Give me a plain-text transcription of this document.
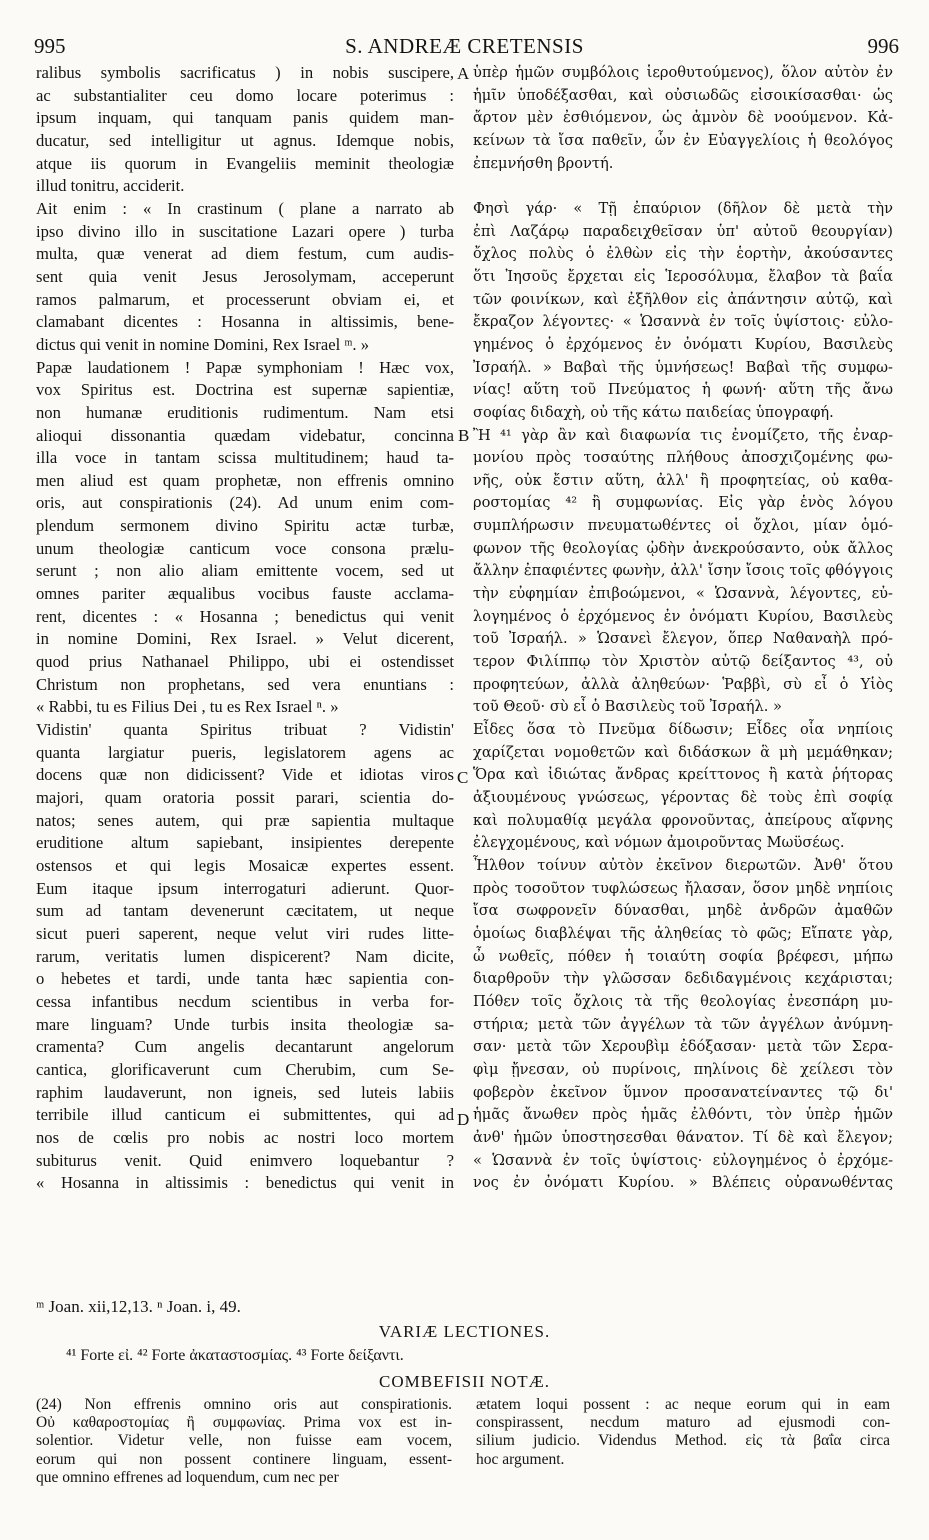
995	S. ANDREÆ CRETENSIS	996
ralibus symbolis sacrificatus ) in nobis suscipere,
ac substantialiter ceu domo locare poterimus :
ipsum inquam, qui tanquam panis quidem man-
ducatur, sed intelligitur ut agnus. Idemque nobis,
atque iis quorum in Evangeliis meminit theologiæ
illud tonitru, acciderit.
Ait enim : « In crastinum ( plane a narrato ab
ipso divino illo in suscitatione Lazari opere ) turba
multa, quæ venerat ad diem festum, cum audis-
sent quia venit Jesus Jerosolymam, acceperunt
ramos palmarum, et processerunt obviam ei, et
clamabant dicentes : Hosanna in altissimis, bene-
dictus qui venit in nomine Domini, Rex Israel ᵐ. »
Papæ laudationem ! Papæ symphoniam ! Hæc vox,
vox Spiritus est. Doctrina est supernæ sapientiæ,
non humanæ eruditionis rudimentum. Nam etsi
alioqui dissonantia quædam videbatur, concinna
illa voce in tantam scissa multitudinem; haud ta-
men aliud est quam prophetæ, non effrenis omnino
oris, aut conspirationis (24). Ad unum enim com-
plendum sermonem divino Spiritu actæ turbæ,
unum theologiæ canticum voce consona prælu-
serunt ; non alio aliam emittente vocem, sed ut
omnes pariter æqualibus vocibus fauste acclama-
rent, dicentes : « Hosanna ; benedictus qui venit
in nomine Domini, Rex Israel. » Velut dicerent,
quod prius Nathanael Philippo, ubi ei ostendisset
Christum non prophetans, sed vera enuntians :
« Rabbi, tu es Filius Dei , tu es Rex Israel ⁿ. »
Vidistin' quanta Spiritus tribuat ? Vidistin'
quanta largiatur pueris, legislatorem agens ac
docens quæ non didicissent? Vide et idiotas viros
majori, quam oratoria possit parari, scientia do-
natos; senes autem, qui præ sapientia multaque
eruditione altum sapiebant, insipientes derepente
ostensos et qui legis Mosaicæ expertes essent.
Eum itaque ipsum interrogaturi adierunt. Quor-
sum ad tantam devenerunt cæcitatem, ut neque
sicut pueri saperent, neque velut viri rudes litte-
rarum, veritatis lumen dispicerent? Nam dicite,
o hebetes et tardi, unde tanta hæc sapientia con-
cessa infantibus necdum scientibus in verba for-
mare linguam? Unde turbis insita theologiæ sa-
cramenta? Cum angelis decantarunt angelorum
cantica, glorificaverunt cum Cherubim, cum Se-
raphim laudaverunt, non igneis, sed luteis labiis
terribile illud canticum ei submittentes, qui ad
nos de cœlis pro nobis ac nostri loco mortem
subiturus venit. Quid enimvero loquebantur ?
« Hosanna in altissimis : benedictus qui venit in
ὑπὲρ ἡμῶν συμβόλοις ἱεροθυτούμενος), ὅλον αὐτὸν ἐν
ἡμῖν ὑποδέξασθαι, καὶ οὐσιωδῶς εἰσοικίσασθαι· ὡς
ἄρτον μὲν ἐσθιόμενον, ὡς ἀμνὸν δὲ νοούμενον. Κἀ-
κείνων τὰ ἴσα παθεῖν, ὧν ἐν Εὐαγγελίοις ἡ θεολόγος
ἐπεμνήσθη βροντή.

Φησὶ γάρ· « Τῇ ἐπαύριον (δῆλον δὲ μετὰ τὴν
ἐπὶ Λαζάρῳ παραδειχθεῖσαν ὑπ' αὐτοῦ θεουργίαν)
ὄχλος πολὺς ὁ ἐλθὼν εἰς τὴν ἑορτὴν, ἀκούσαντες
ὅτι Ἰησοῦς ἔρχεται εἰς Ἱεροσόλυμα, ἔλαβον τὰ βαΐα
τῶν φοινίκων, καὶ ἐξῆλθον εἰς ἀπάντησιν αὐτῷ, καὶ
ἔκραζον λέγοντες· « Ὡσαννὰ ἐν τοῖς ὑψίστοις· εὐλο-
γημένος ὁ ἐρχόμενος ἐν ὀνόματι Κυρίου, Βασιλεὺς
Ἰσραήλ. » Βαβαὶ τῆς ὑμνήσεως! Βαβαὶ τῆς συμφω-
νίας! αὕτη τοῦ Πνεύματος ἡ φωνή· αὕτη τῆς ἄνω
σοφίας διδαχὴ, οὐ τῆς κάτω παιδείας ὑπογραφή.
Ἢ ⁴¹ γὰρ ἂν καὶ διαφωνία τις ἐνομίζετο, τῆς ἐναρ-
μονίου πρὸς τοσαύτης πλήθους ἀποσχιζομένης φω-
νῆς, οὐκ ἔστιν αὕτη, ἀλλ' ἢ προφητείας, οὐ καθα-
ροστομίας ⁴² ἢ συμφωνίας. Εἰς γὰρ ἑνὸς λόγου
συμπλήρωσιν πνευματωθέντες οἱ ὄχλοι, μίαν ὁμό-
φωνον τῆς θεολογίας ᾠδὴν ἀνεκρούσαντο, οὐκ ἄλλος
ἄλλην ἐπαφιέντες φωνὴν, ἀλλ' ἴσην ἴσοις τοῖς φθόγγοις
τὴν εὐφημίαν ἐπιβοώμενοι, « Ὡσαννὰ, λέγοντες, εὐ-
λογημένος ὁ ἐρχόμενος ἐν ὀνόματι Κυρίου, Βασιλεὺς
τοῦ Ἰσραήλ. » Ὡσανεὶ ἔλεγον, ὅπερ Ναθαναὴλ πρό-
τερον Φιλίππῳ τὸν Χριστὸν αὐτῷ δείξαντος ⁴³, οὐ
προφητεύων, ἀλλὰ ἀληθεύων· Ῥαββὶ, σὺ εἶ ὁ Υἱὸς
τοῦ Θεοῦ· σὺ εἶ ὁ Βασιλεὺς τοῦ Ἰσραήλ. »
Εἶδες ὅσα τὸ Πνεῦμα δίδωσιν; Εἶδες οἷα νηπίοις
χαρίζεται νομοθετῶν καὶ διδάσκων ἃ μὴ μεμάθηκαν;
Ὅρα καὶ ἰδιώτας ἄνδρας κρείττονος ἢ κατὰ ῥήτορας
ἀξιουμένους γνώσεως, γέροντας δὲ τοὺς ἐπὶ σοφίᾳ
καὶ πολυμαθίᾳ μεγάλα φρονοῦντας, ἀπείρους αἴφνης
ἐλεγχομένους, καὶ νόμων ἀμοιροῦντας Μωϋσέως.
Ἦλθον τοίνυν αὐτὸν ἐκεῖνον διερωτῶν. Ἀνθ' ὅτου
πρὸς τοσοῦτον τυφλώσεως ἤλασαν, ὅσον μηδὲ νηπίοις
ἴσα σωφρονεῖν δύνασθαι, μηδὲ ἀνδρῶν ἀμαθῶν
ὁμοίως διαβλέψαι τῆς ἀληθείας τὸ φῶς; Εἴπατε γὰρ,
ὦ νωθεῖς, πόθεν ἡ τοιαύτη σοφία βρέφεσι, μήπω
διαρθροῦν τὴν γλῶσσαν δεδιδαγμένοις κεχάρισται;
Πόθεν τοῖς ὄχλοις τὰ τῆς θεολογίας ἐνεσπάρη μυ-
στήρια; μετὰ τῶν ἀγγέλων τὰ τῶν ἀγγέλων ἀνύμνη-
σαν· μετὰ τῶν Χερουβὶμ ἐδόξασαν· μετὰ τῶν Σερα-
φὶμ ᾔνεσαν, οὐ πυρίνοις, πηλίνοις δὲ χείλεσι τὸν
φοβερὸν ἐκεῖνον ὕμνον προσανατείναντες τῷ δι'
ἡμᾶς ἄνωθεν πρὸς ἡμᾶς ἐλθόντι, τὸν ὑπὲρ ἡμῶν
ἀνθ' ἡμῶν ὑποστησεσθαι θάνατον. Τί δὲ καὶ ἔλεγον;
« Ὡσαννὰ ἐν τοῖς ὑψίστοις· εὐλογημένος ὁ ἐρχόμε-
νος ἐν ὀνόματι Κυρίου. » Βλέπεις οὐρανωθέντας
A
B
C
D
ᵐ Joan. xii,12,13. ⁿ Joan. i, 49.
VARIÆ LECTIONES.
⁴¹ Forte εἰ. ⁴² Forte ἀκαταστοσμίας. ⁴³ Forte δείξαντι.
COMBEFISII NOTÆ.
(24) Non effrenis omnino oris aut conspirationis.
Οὐ καθαροστομίας ἢ συμφωνίας. Prima vox est in-
solentior. Videtur velle, non fuisse eam vocem,
eorum qui non possent continere linguam, essent-
que omnino effrenes ad loquendum, cum nec per
ætatem loqui possent : ac neque eorum qui in eam
conspirassent, necdum maturo ad ejusmodi con-
silium judicio. Videndus Method. εἰς τὰ βαΐα circa
hoc argument.
